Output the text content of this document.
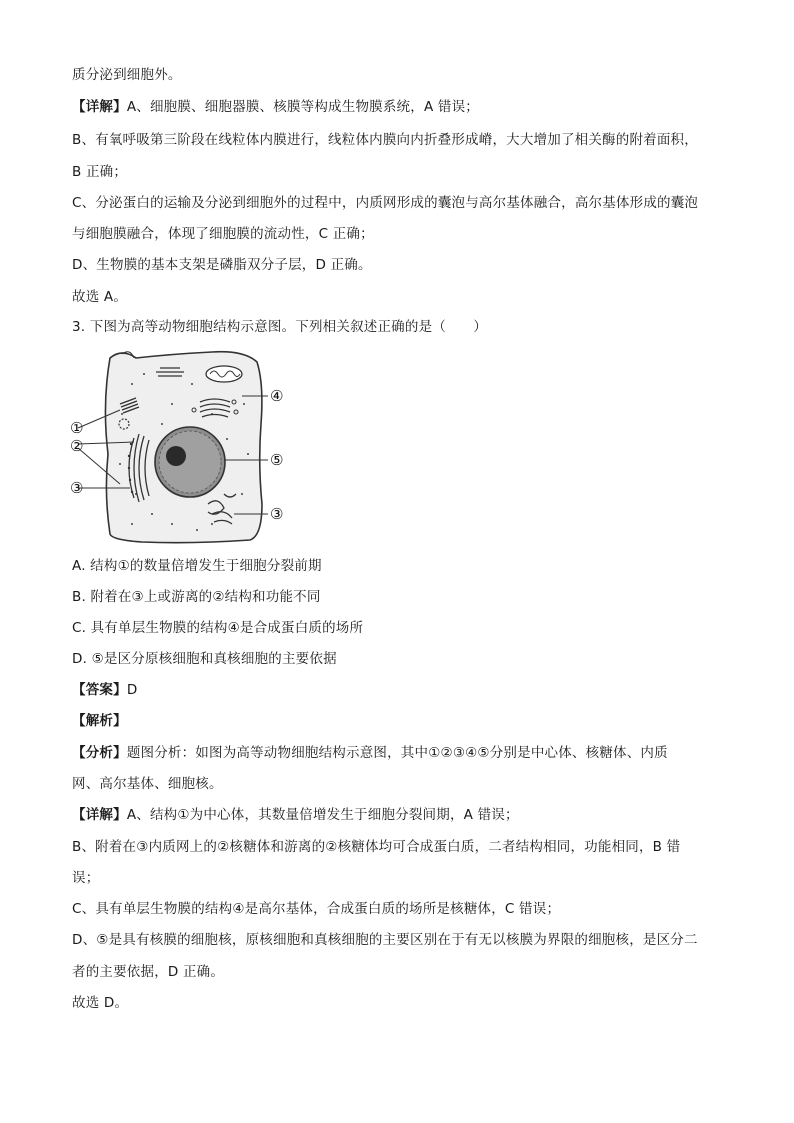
质分泌到细胞外。
【详解】A、细胞膜、细胞器膜、核膜等构成生物膜系统，A 错误；
B、有氧呼吸第三阶段在线粒体内膜进行，线粒体内膜向内折叠形成嵴，大大增加了相关酶的附着面积，
B 正确；
C、分泌蛋白的运输及分泌到细胞外的过程中，内质网形成的囊泡与高尔基体融合，高尔基体形成的囊泡
与细胞膜融合，体现了细胞膜的流动性，C 正确；
D、生物膜的基本支架是磷脂双分子层，D 正确。
故选 A。
3. 下图为高等动物细胞结构示意图。下列相关叙述正确的是（　　）
①
②
③
④
⑤
③
A. 结构①的数量倍增发生于细胞分裂前期
B. 附着在③上或游离的②结构和功能不同
C. 具有单层生物膜的结构④是合成蛋白质的场所
D. ⑤是区分原核细胞和真核细胞的主要依据
【答案】D
【解析】
【分析】题图分析：如图为高等动物细胞结构示意图，其中①②③④⑤分别是中心体、核糖体、内质
网、高尔基体、细胞核。
【详解】A、结构①为中心体，其数量倍增发生于细胞分裂间期，A 错误；
B、附着在③内质网上的②核糖体和游离的②核糖体均可合成蛋白质，二者结构相同，功能相同，B 错
误；
C、具有单层生物膜的结构④是高尔基体，合成蛋白质的场所是核糖体，C 错误；
D、⑤是具有核膜的细胞核，原核细胞和真核细胞的主要区别在于有无以核膜为界限的细胞核，是区分二
者的主要依据，D 正确。
故选 D。
